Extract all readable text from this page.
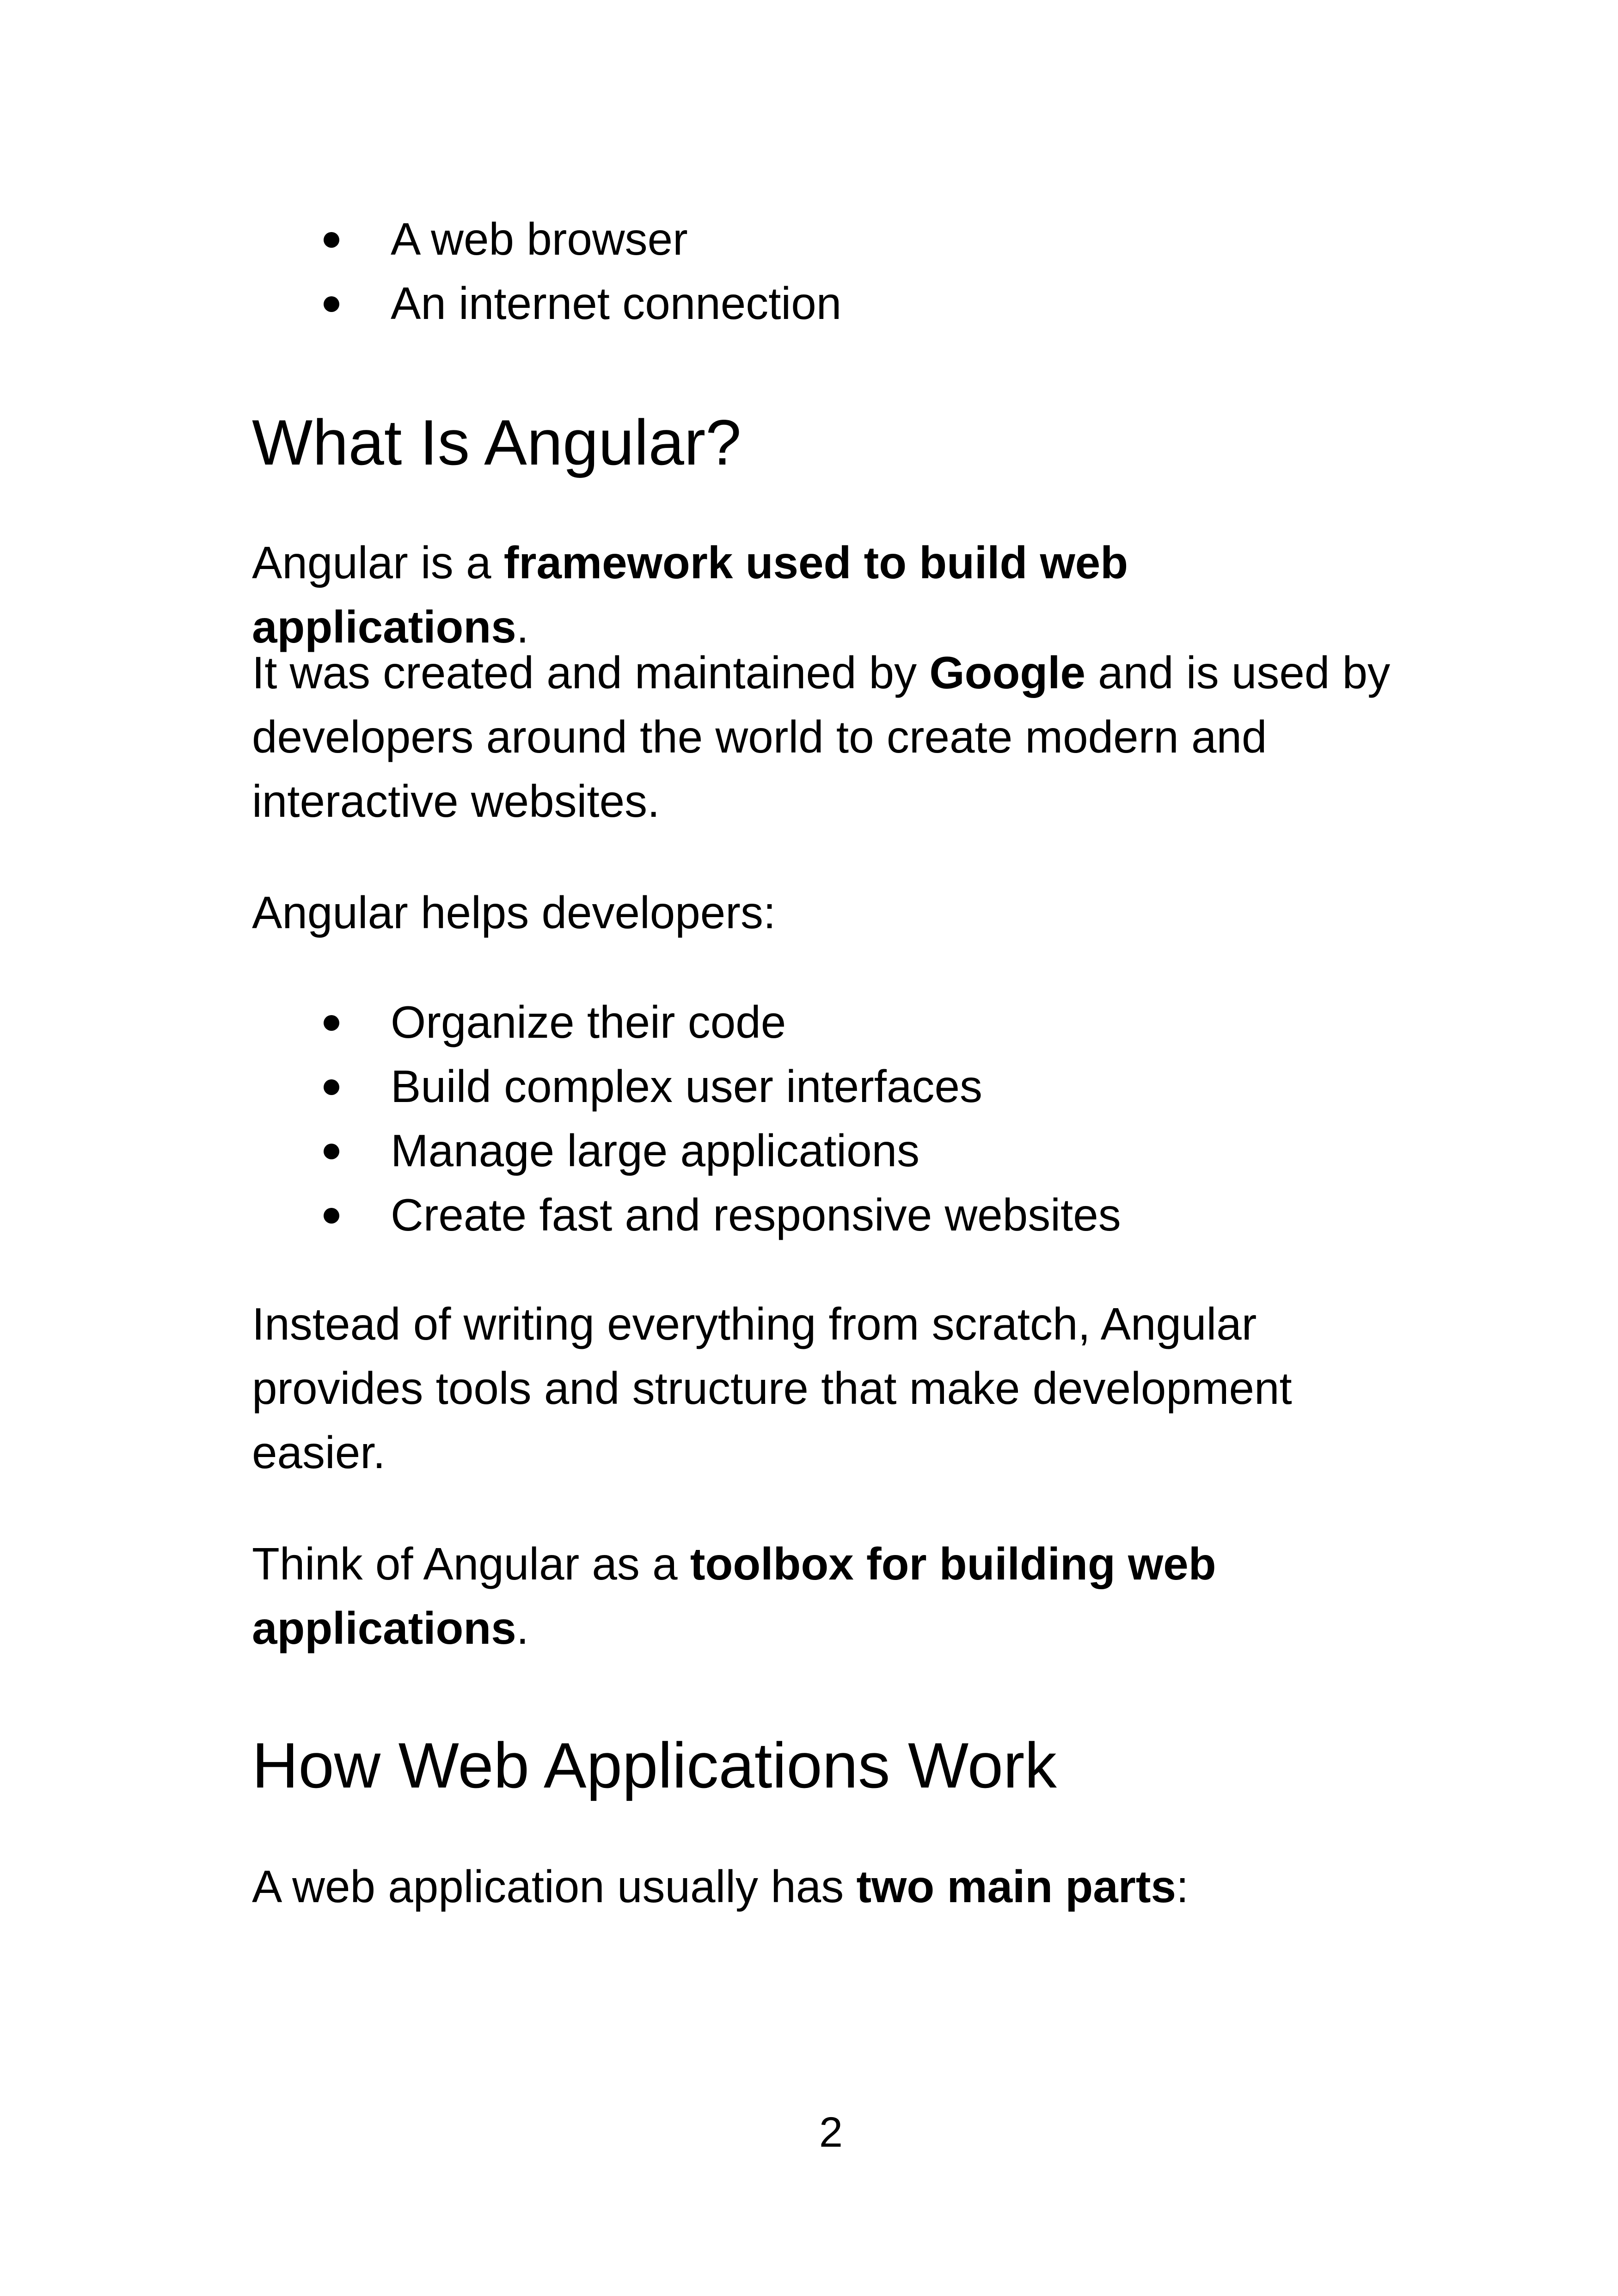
A web browser
An internet connection
What Is Angular?

Angular is a framework used to build web applications.

It was created and maintained by Google and is used by developers around the world to create modern and interactive websites.

Angular helps developers:

Organize their code
Build complex user interfaces
Manage large applications
Create fast and responsive websites

Instead of writing everything from scratch, Angular provides tools and structure that make development easier.

Think of Angular as a toolbox for building web applications.

How Web Applications Work

A web application usually has two main parts:

2
